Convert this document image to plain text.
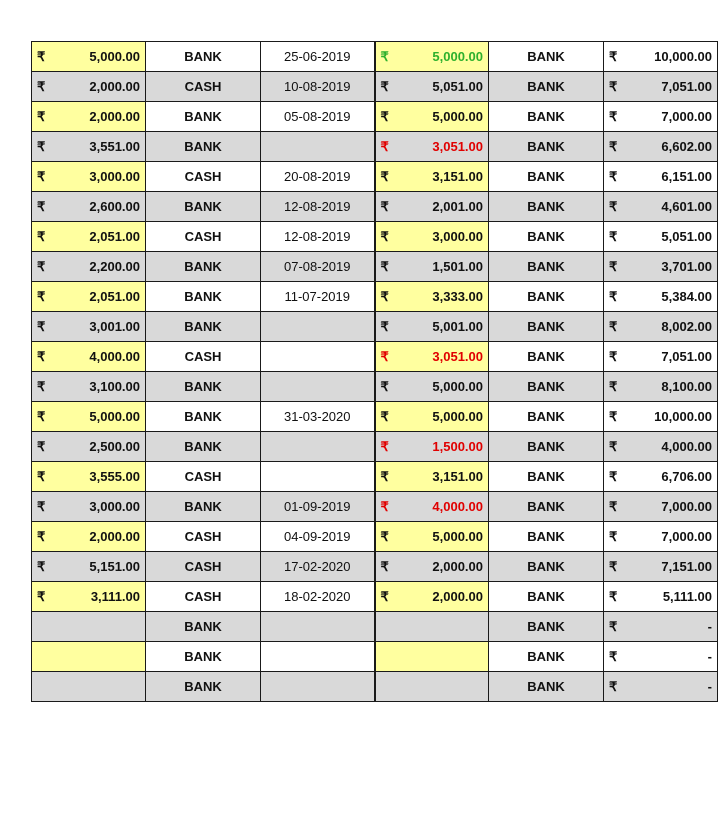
₹ 5,000.00	BANK	25-06-2019	₹ 5,000.00	BANK	₹ 10,000.00

₹ 2,000.00	CASH	10-08-2019	₹ 5,051.00	BANK	₹ 7,051.00

₹ 2,000.00	BANK	05-08-2019	₹ 5,000.00	BANK	₹ 7,000.00

₹ 3,551.00	BANK		₹ 3,051.00	BANK	₹ 6,602.00

₹ 3,000.00	CASH	20-08-2019	₹ 3,151.00	BANK	₹ 6,151.00

₹ 2,600.00	BANK	12-08-2019	₹ 2,001.00	BANK	₹ 4,601.00

₹ 2,051.00	CASH	12-08-2019	₹ 3,000.00	BANK	₹ 5,051.00

₹ 2,200.00	BANK	07-08-2019	₹ 1,501.00	BANK	₹ 3,701.00

₹ 2,051.00	BANK	11-07-2019	₹ 3,333.00	BANK	₹ 5,384.00

₹ 3,001.00	BANK		₹ 5,001.00	BANK	₹ 8,002.00

₹ 4,000.00	CASH		₹ 3,051.00	BANK	₹ 7,051.00

₹ 3,100.00	BANK		₹ 5,000.00	BANK	₹ 8,100.00

₹ 5,000.00	BANK	31-03-2020	₹ 5,000.00	BANK	₹ 10,000.00

₹ 2,500.00	BANK		₹ 1,500.00	BANK	₹ 4,000.00

₹ 3,555.00	CASH		₹ 3,151.00	BANK	₹ 6,706.00

₹ 3,000.00	BANK	01-09-2019	₹ 4,000.00	BANK	₹ 7,000.00

₹ 2,000.00	CASH	04-09-2019	₹ 5,000.00	BANK	₹ 7,000.00

₹ 5,151.00	CASH	17-02-2020	₹ 2,000.00	BANK	₹ 7,151.00

₹ 3,111.00	CASH	18-02-2020	₹ 2,000.00	BANK	₹ 5,111.00

	BANK			BANK	₹ -

	BANK			BANK	₹ -

	BANK			BANK	₹ -
